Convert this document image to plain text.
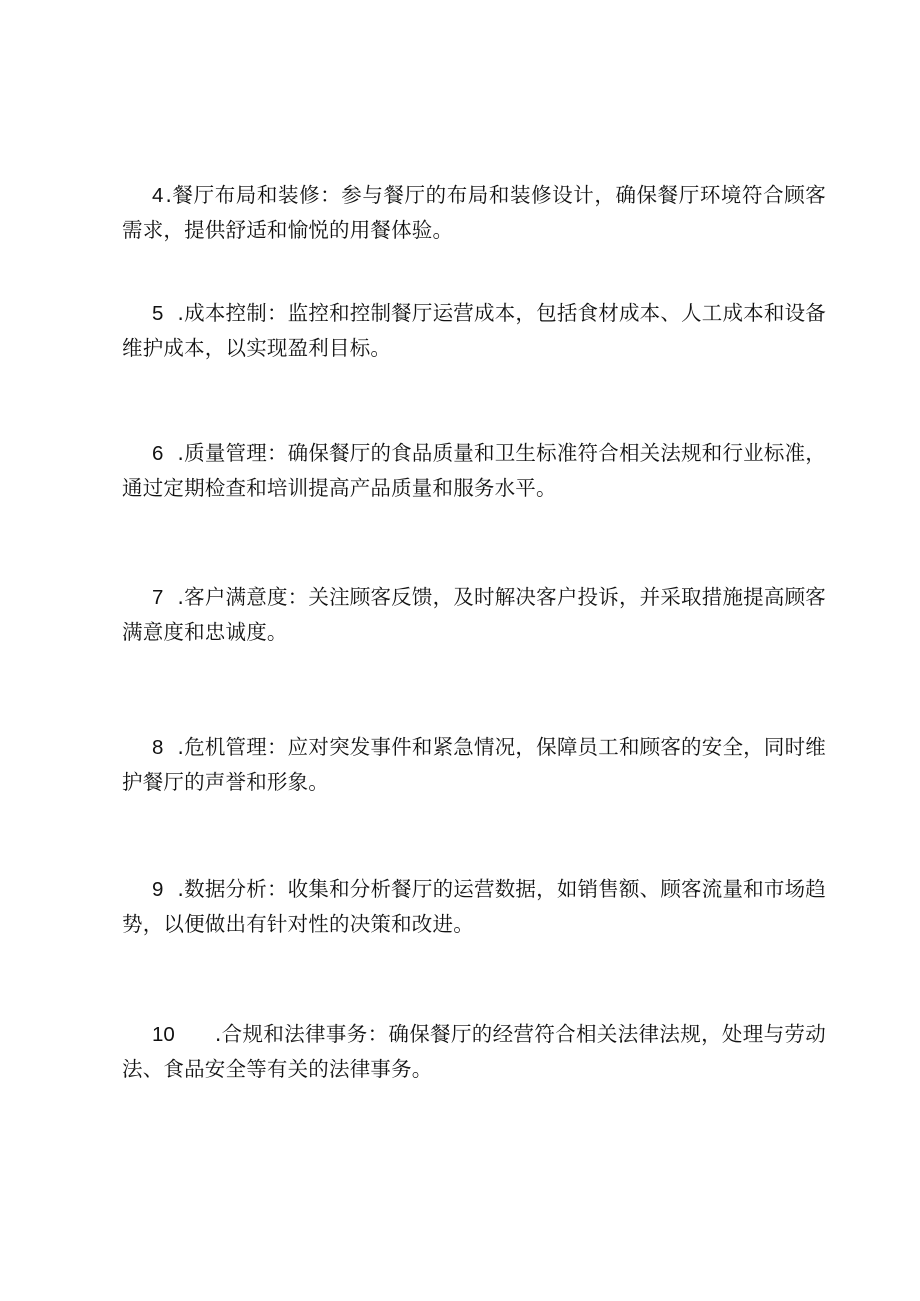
4.餐厅布局和装修：参与餐厅的布局和装修设计，确保餐厅环境符合顾客需求，提供舒适和愉悦的用餐体验。

5 .成本控制：监控和控制餐厅运营成本，包括食材成本、人工成本和设备维护成本，以实现盈利目标。

6 .质量管理：确保餐厅的食品质量和卫生标准符合相关法规和行业标准，通过定期检查和培训提高产品质量和服务水平。

7 .客户满意度：关注顾客反馈，及时解决客户投诉，并采取措施提高顾客满意度和忠诚度。

8 .危机管理：应对突发事件和紧急情况，保障员工和顾客的安全，同时维护餐厅的声誉和形象。

9 .数据分析：收集和分析餐厅的运营数据，如销售额、顾客流量和市场趋势，以便做出有针对性的决策和改进。

10 .合规和法律事务：确保餐厅的经营符合相关法律法规，处理与劳动法、食品安全等有关的法律事务。
